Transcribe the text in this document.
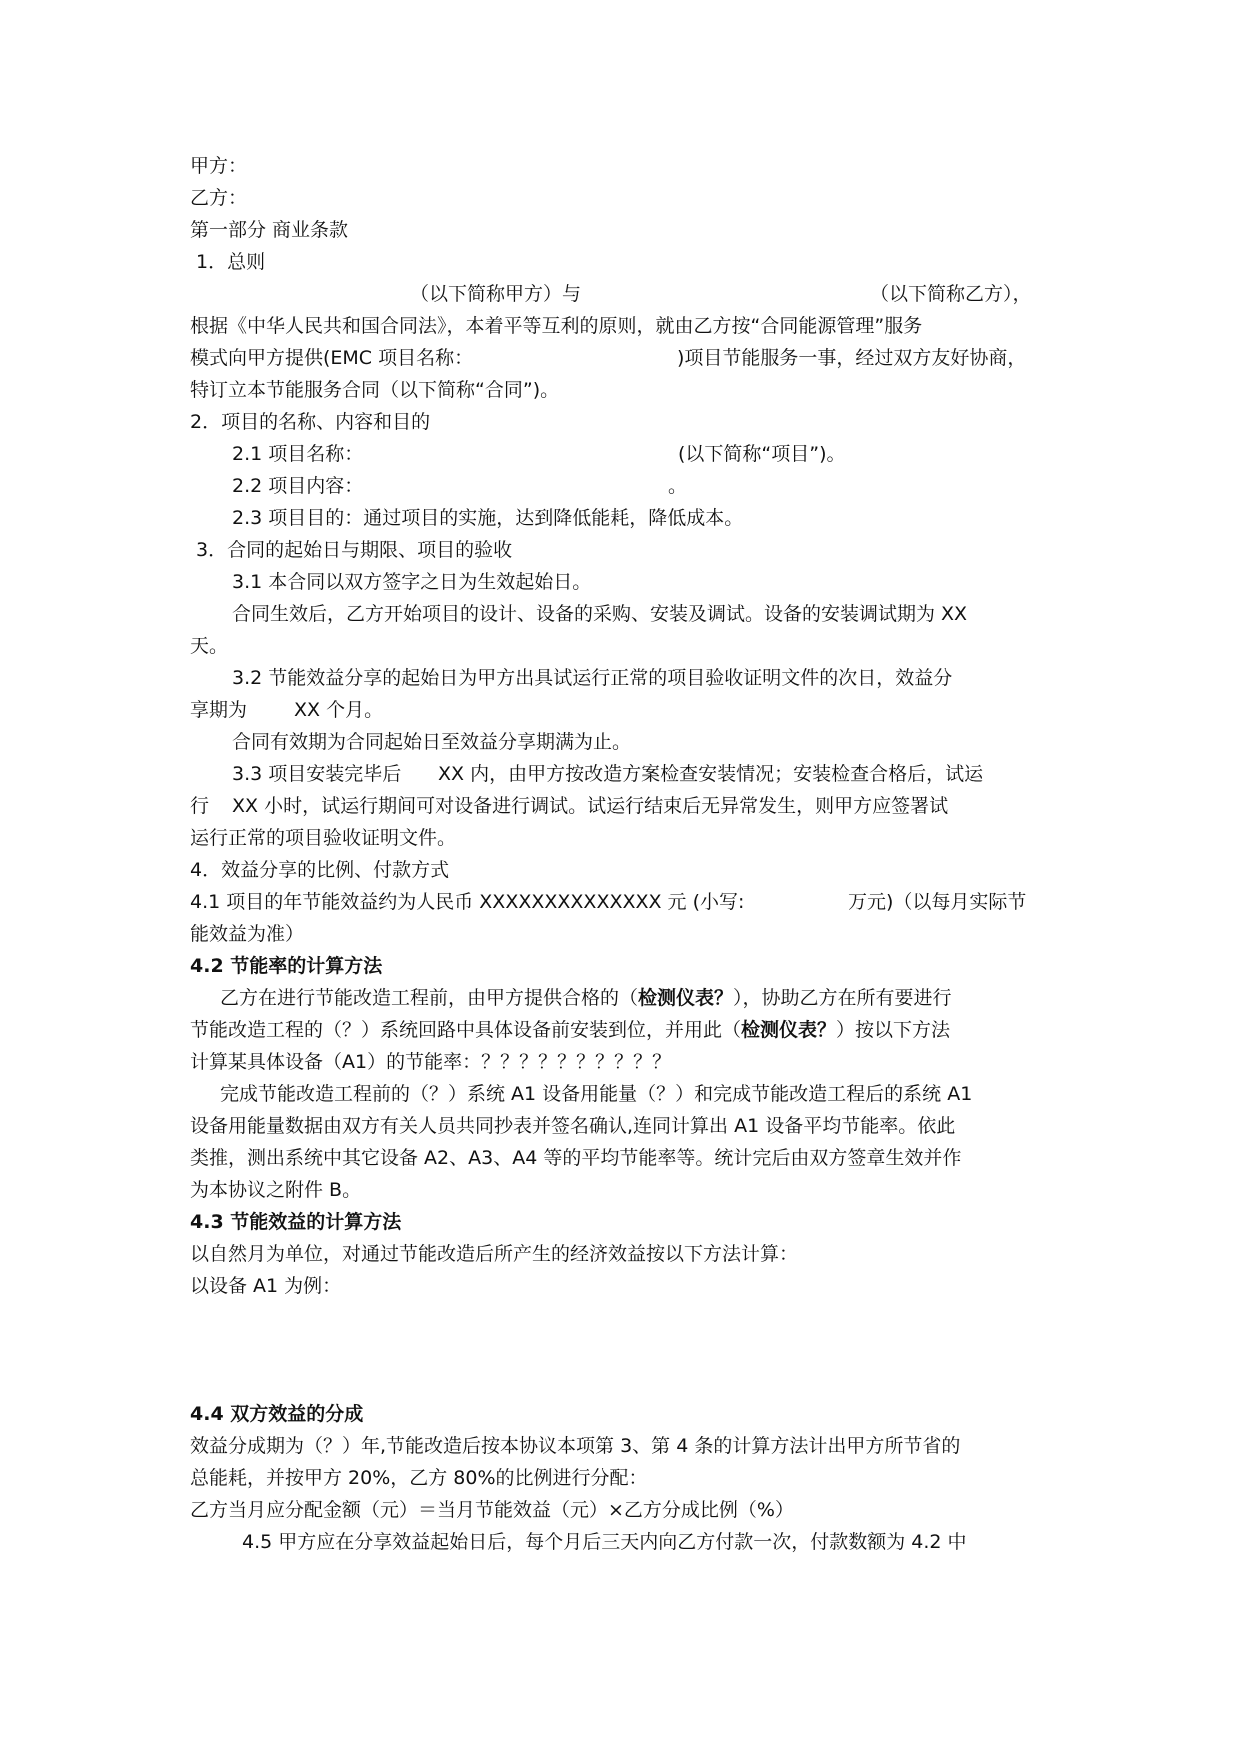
甲方：
乙方：
第一部分 商业条款
1．总则
（以下简称甲方）与	（以下简称乙方），
根据《中华人民共和国合同法》，本着平等互利的原则，就由乙方按“合同能源管理”服务
模式向甲方提供(EMC 项目名称：	)项目节能服务一事，经过双方友好协商，
特订立本节能服务合同（以下简称“合同”)。
2．项目的名称、内容和目的
2.1 项目名称：	(以下简称“项目”)。
2.2 项目内容：	。
2.3 项目目的：通过项目的实施，达到降低能耗，降低成本。
3．合同的起始日与期限、项目的验收
3.1 本合同以双方签字之日为生效起始日。
合同生效后，乙方开始项目的设计、设备的采购、安装及调试。设备的安装调试期为 XX
天。
3.2 节能效益分享的起始日为甲方出具试运行正常的项目验收证明文件的次日，效益分
享期为 XX 个月。
合同有效期为合同起始日至效益分享期满为止。
3.3 项目安装完毕后 XX 内，由甲方按改造方案检查安装情况；安装检查合格后，试运
行 XX 小时，试运行期间可对设备进行调试。试运行结束后无异常发生，则甲方应签署试
运行正常的项目验收证明文件。
4．效益分享的比例、付款方式
4.1 项目的年节能效益约为人民币 XXXXXXXXXXXXXX 元 (小写:	万元)（以每月实际节
能效益为准）
4.2 节能率的计算方法
乙方在进行节能改造工程前，由甲方提供合格的（检测仪表？），协助乙方在所有要进行
节能改造工程的（？）系统回路中具体设备前安装到位，并用此（检测仪表？）按以下方法
计算某具体设备（A1）的节能率：？？？？？？？？？？
完成节能改造工程前的（？）系统 A1 设备用能量（？）和完成节能改造工程后的系统 A1
设备用能量数据由双方有关人员共同抄表并签名确认,连同计算出 A1 设备平均节能率。依此
类推，测出系统中其它设备 A2、A3、A4 等的平均节能率等。统计完后由双方签章生效并作
为本协议之附件 B。
4.3 节能效益的计算方法
以自然月为单位，对通过节能改造后所产生的经济效益按以下方法计算：
以设备 A1 为例：
4.4 双方效益的分成
效益分成期为（？）年,节能改造后按本协议本项第 3、第 4 条的计算方法计出甲方所节省的
总能耗，并按甲方 20%，乙方 80%的比例进行分配：
乙方当月应分配金额（元）＝当月节能效益（元）×乙方分成比例（%）
4.5 甲方应在分享效益起始日后，每个月后三天内向乙方付款一次，付款数额为 4.2 中
